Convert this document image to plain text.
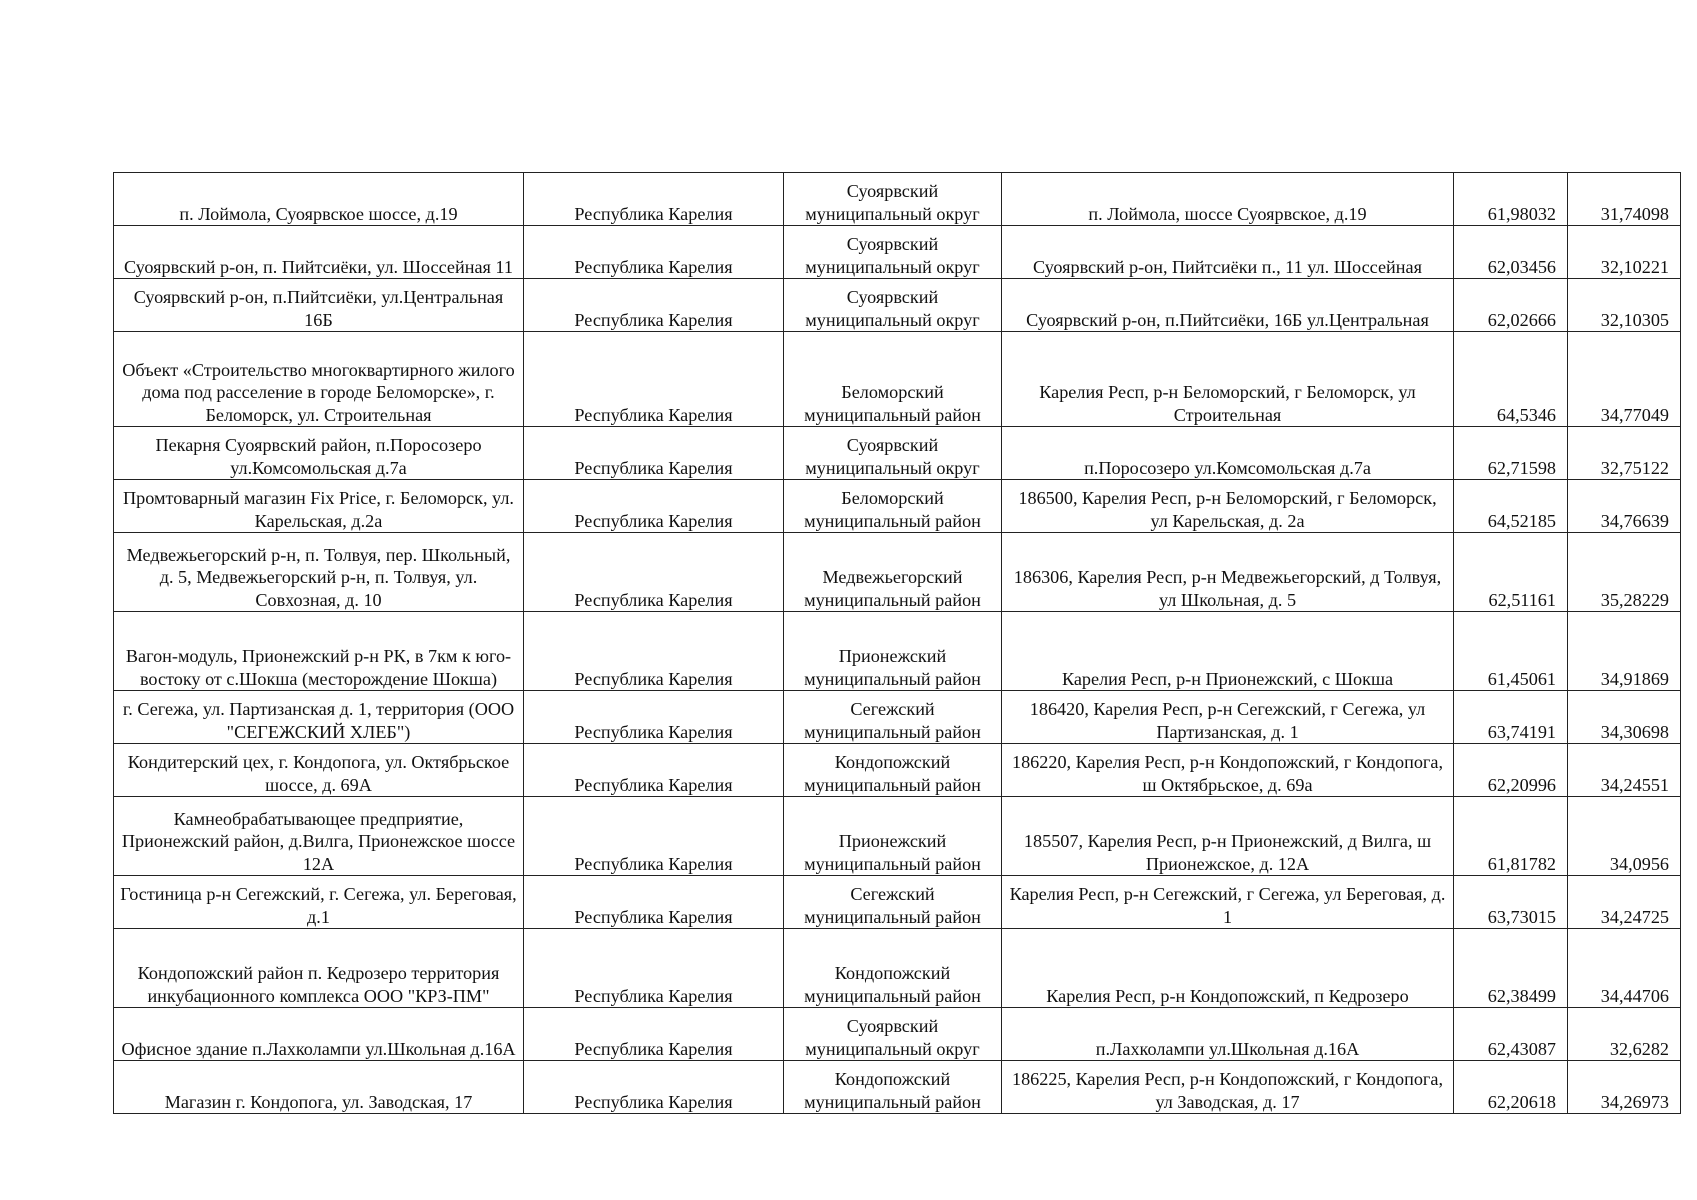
п. Лоймола, Суоярвское шоссе, д.19	Республика Карелия	Суоярвский муниципальный округ	п. Лоймола, шоссе Суоярвское, д.19	61,98032	31,74098
Суоярвский р-он, п. Пийтсиёки, ул. Шоссейная 11	Республика Карелия	Суоярвский муниципальный округ	Суоярвский р-он, Пийтсиёки п., 11 ул. Шоссейная	62,03456	32,10221
Суоярвский р-он, п.Пийтсиёки, ул.Центральная 16Б	Республика Карелия	Суоярвский муниципальный округ	Суоярвский р-он, п.Пийтсиёки, 16Б ул.Центральная	62,02666	32,10305
Объект «Строительство многоквартирного жилого дома под расселение в городе Беломорске», г. Беломорск, ул. Строительная	Республика Карелия	Беломорский муниципальный район	Карелия Респ, р-н Беломорский, г Беломорск, ул Строительная	64,5346	34,77049
Пекарня Суоярвский район, п.Поросозеро ул.Комсомольская д.7а	Республика Карелия	Суоярвский муниципальный округ	п.Поросозеро ул.Комсомольская д.7а	62,71598	32,75122
Промтоварный магазин Fix Price, г. Беломорск, ул. Карельская, д.2а	Республика Карелия	Беломорский муниципальный район	186500, Карелия Респ, р-н Беломорский, г Беломорск, ул Карельская, д. 2а	64,52185	34,76639
Медвежьегорский р-н, п. Толвуя, пер. Школьный, д. 5, Медвежьегорский р-н, п. Толвуя, ул. Совхозная, д. 10	Республика Карелия	Медвежьегорский муниципальный район	186306, Карелия Респ, р-н Медвежьегорский, д Толвуя, ул Школьная, д. 5	62,51161	35,28229
Вагон-модуль, Прионежский р-н РК, в 7км к юго-востоку от с.Шокша (месторождение Шокша)	Республика Карелия	Прионежский муниципальный район	Карелия Респ, р-н Прионежский, с Шокша	61,45061	34,91869
г. Сегежа, ул. Партизанская д. 1, территория (ООО "СЕГЕЖСКИЙ ХЛЕБ")	Республика Карелия	Сегежский муниципальный район	186420, Карелия Респ, р-н Сегежский, г Сегежа, ул Партизанская, д. 1	63,74191	34,30698
Кондитерский цех, г. Кондопога, ул. Октябрьское шоссе, д. 69А	Республика Карелия	Кондопожский муниципальный район	186220, Карелия Респ, р-н Кондопожский, г Кондопога, ш Октябрьское, д. 69а	62,20996	34,24551
Камнеобрабатывающее предприятие, Прионежский район, д.Вилга, Прионежское шоссе 12А	Республика Карелия	Прионежский муниципальный район	185507, Карелия Респ, р-н Прионежский, д Вилга, ш Прионежское, д. 12А	61,81782	34,0956
Гостиница р-н Сегежский, г. Сегежа, ул. Береговая, д.1	Республика Карелия	Сегежский муниципальный район	Карелия Респ, р-н Сегежский, г Сегежа, ул Береговая, д. 1	63,73015	34,24725
Кондопожский район п. Кедрозеро территория инкубационного комплекса ООО "КРЗ-ПМ"	Республика Карелия	Кондопожский муниципальный район	Карелия Респ, р-н Кондопожский, п Кедрозеро	62,38499	34,44706
Офисное здание п.Лахколампи ул.Школьная д.16А	Республика Карелия	Суоярвский муниципальный округ	п.Лахколампи ул.Школьная д.16А	62,43087	32,6282
Магазин г. Кондопога, ул. Заводская, 17	Республика Карелия	Кондопожский муниципальный район	186225, Карелия Респ, р-н Кондопожский, г Кондопога, ул Заводская, д. 17	62,20618	34,26973
